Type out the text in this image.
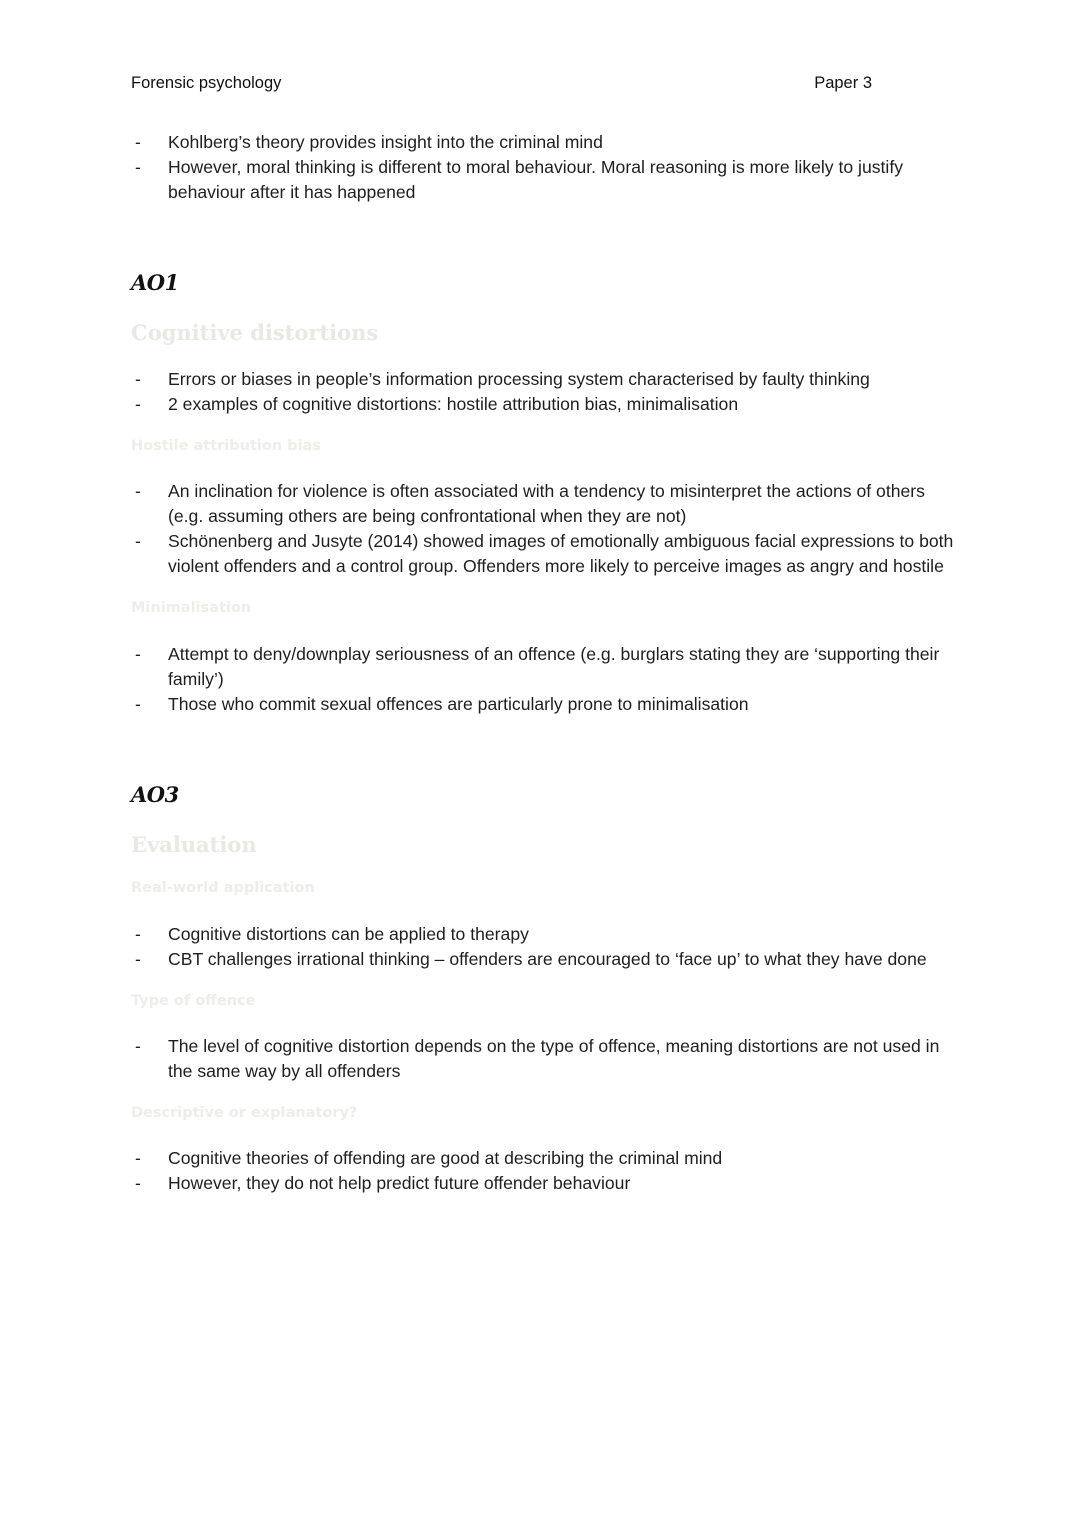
Forensic psychology	Paper 3
- Kohlberg’s theory provides insight into the criminal mind
- However, moral thinking is different to moral behaviour. Moral reasoning is more likely to justify behaviour after it has happened
AO1
Cognitive distortions
- Errors or biases in people’s information processing system characterised by faulty thinking
- 2 examples of cognitive distortions: hostile attribution bias, minimalisation
Hostile attribution bias
- An inclination for violence is often associated with a tendency to misinterpret the actions of others (e.g. assuming others are being confrontational when they are not)
- Schönenberg and Jusyte (2014) showed images of emotionally ambiguous facial expressions to both violent offenders and a control group. Offenders more likely to perceive images as angry and hostile
Minimalisation
- Attempt to deny/downplay seriousness of an offence (e.g. burglars stating they are ‘supporting their family’)
- Those who commit sexual offences are particularly prone to minimalisation
AO3
Evaluation
Real-world application
- Cognitive distortions can be applied to therapy
- CBT challenges irrational thinking – offenders are encouraged to ‘face up’ to what they have done
Type of offence
- The level of cognitive distortion depends on the type of offence, meaning distortions are not used in the same way by all offenders
Descriptive or explanatory?
- Cognitive theories of offending are good at describing the criminal mind
- However, they do not help predict future offender behaviour
